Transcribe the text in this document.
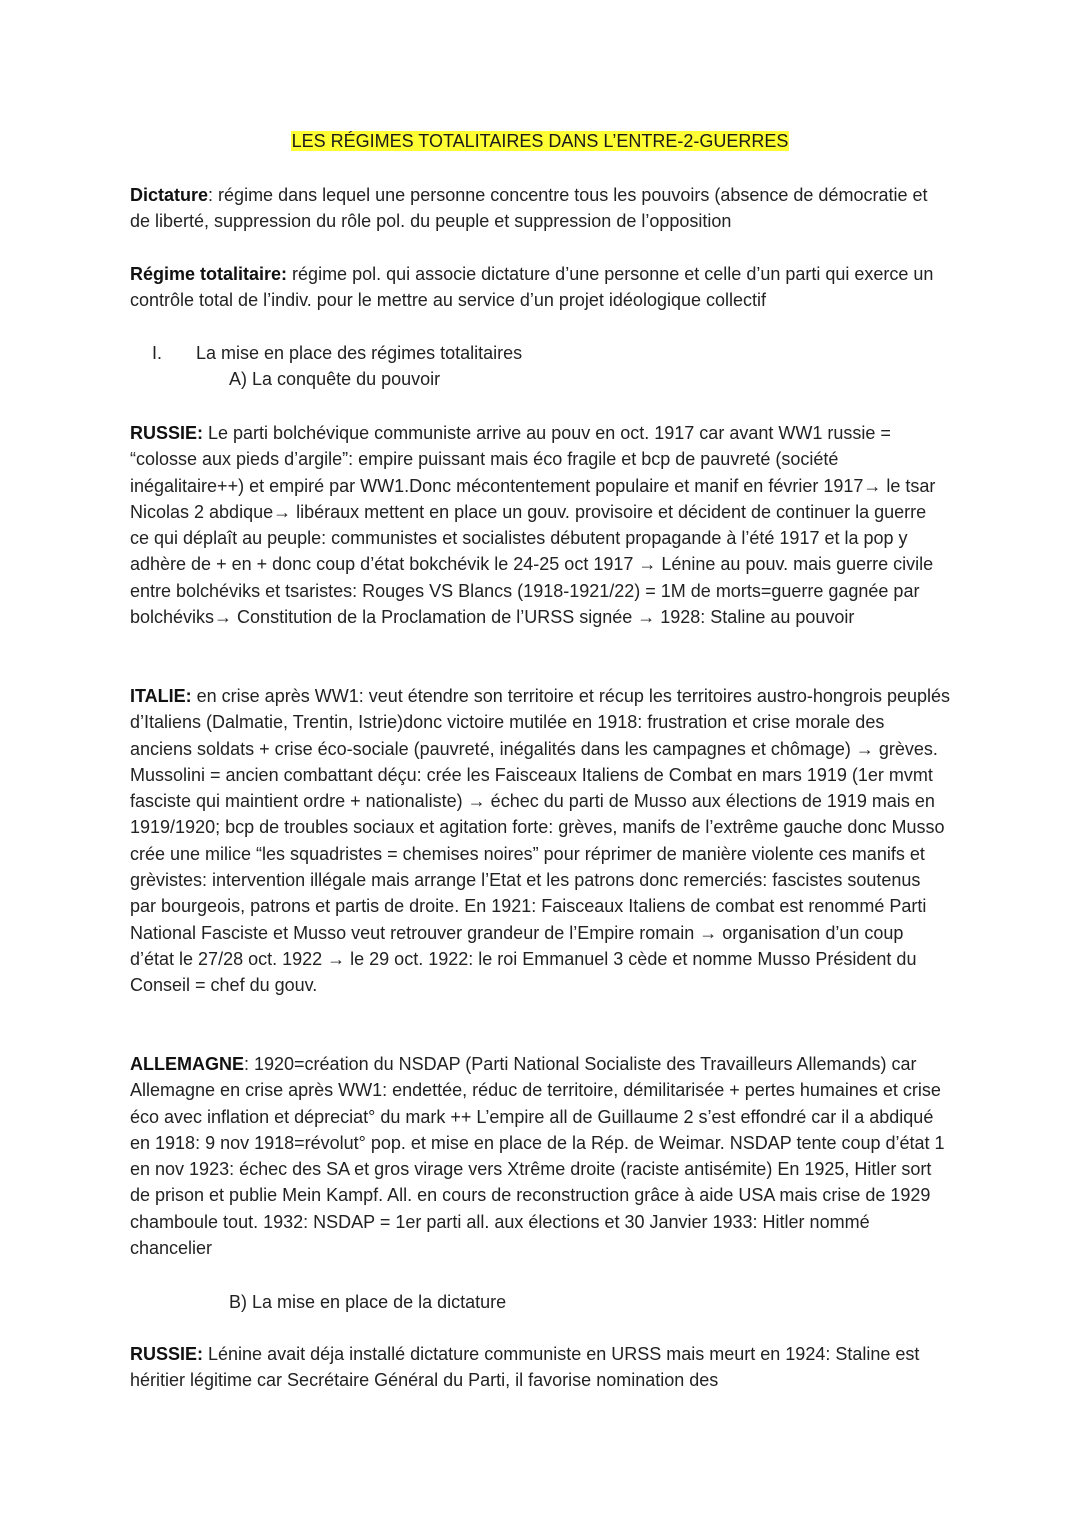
LES RÉGIMES TOTALITAIRES DANS L’ENTRE-2-GUERRES

Dictature: régime dans lequel une personne concentre tous les pouvoirs (absence de démocratie et de liberté, suppression du rôle pol. du peuple et suppression de l’opposition

Régime totalitaire: régime pol. qui associe dictature d’une personne et celle d’un parti qui exerce un contrôle total de l’indiv. pour le mettre au service d’un projet idéologique collectif

I. La mise en place des régimes totalitaires
A) La conquête du pouvoir

RUSSIE: Le parti bolchévique communiste arrive au pouv en oct. 1917 car avant WW1 russie = “colosse aux pieds d’argile”: empire puissant mais éco fragile et bcp de pauvreté (société inégalitaire++) et empiré par WW1.Donc mécontentement populaire et manif en février 1917→ le tsar Nicolas 2 abdique→ libéraux mettent en place un gouv. provisoire et décident de continuer la guerre ce qui déplaît au peuple: communistes et socialistes débutent propagande à l’été 1917 et la pop y adhère de + en + donc coup d’état bokchévik le 24-25 oct 1917 → Lénine au pouv. mais guerre civile entre bolchéviks et tsaristes: Rouges VS Blancs (1918-1921/22) = 1M de morts=guerre gagnée par bolchéviks→ Constitution de la Proclamation de l’URSS signée → 1928: Staline au pouvoir

ITALIE: en crise après WW1: veut étendre son territoire et récup les territoires austro-hongrois peuplés d’Italiens (Dalmatie, Trentin, Istrie)donc victoire mutilée en 1918: frustration et crise morale des anciens soldats + crise éco-sociale (pauvreté, inégalités dans les campagnes et chômage) → grèves. Mussolini = ancien combattant déçu: crée les Faisceaux Italiens de Combat en mars 1919 (1er mvmt fasciste qui maintient ordre + nationaliste) → échec du parti de Musso aux élections de 1919 mais en 1919/1920; bcp de troubles sociaux et agitation forte: grèves, manifs de l’extrême gauche donc Musso crée une milice “les squadristes = chemises noires” pour réprimer de manière violente ces manifs et grèvistes: intervention illégale mais arrange l’Etat et les patrons donc remerciés: fascistes soutenus par bourgeois, patrons et partis de droite. En 1921: Faisceaux Italiens de combat est renommé Parti National Fasciste et Musso veut retrouver grandeur de l’Empire romain → organisation d’un coup d’état le 27/28 oct. 1922 → le 29 oct. 1922: le roi Emmanuel 3 cède et nomme Musso Président du Conseil = chef du gouv.

ALLEMAGNE: 1920=création du NSDAP (Parti National Socialiste des Travailleurs Allemands) car Allemagne en crise après WW1: endettée, réduc de territoire, démilitarisée + pertes humaines et crise éco avec inflation et dépreciat° du mark ++ L’empire all de Guillaume 2 s’est effondré car il a abdiqué en 1918: 9 nov 1918=révolut° pop. et mise en place de la Rép. de Weimar. NSDAP tente coup d’état 1 en nov 1923: échec des SA et gros virage vers Xtrême droite (raciste antisémite) En 1925, Hitler sort de prison et publie Mein Kampf. All. en cours de reconstruction grâce à aide USA mais crise de 1929 chamboule tout. 1932: NSDAP = 1er parti all. aux élections et 30 Janvier 1933: Hitler nommé chancelier

B) La mise en place de la dictature

RUSSIE: Lénine avait déja installé dictature communiste en URSS mais meurt en 1924: Staline est héritier légitime car Secrétaire Général du Parti, il favorise nomination des
